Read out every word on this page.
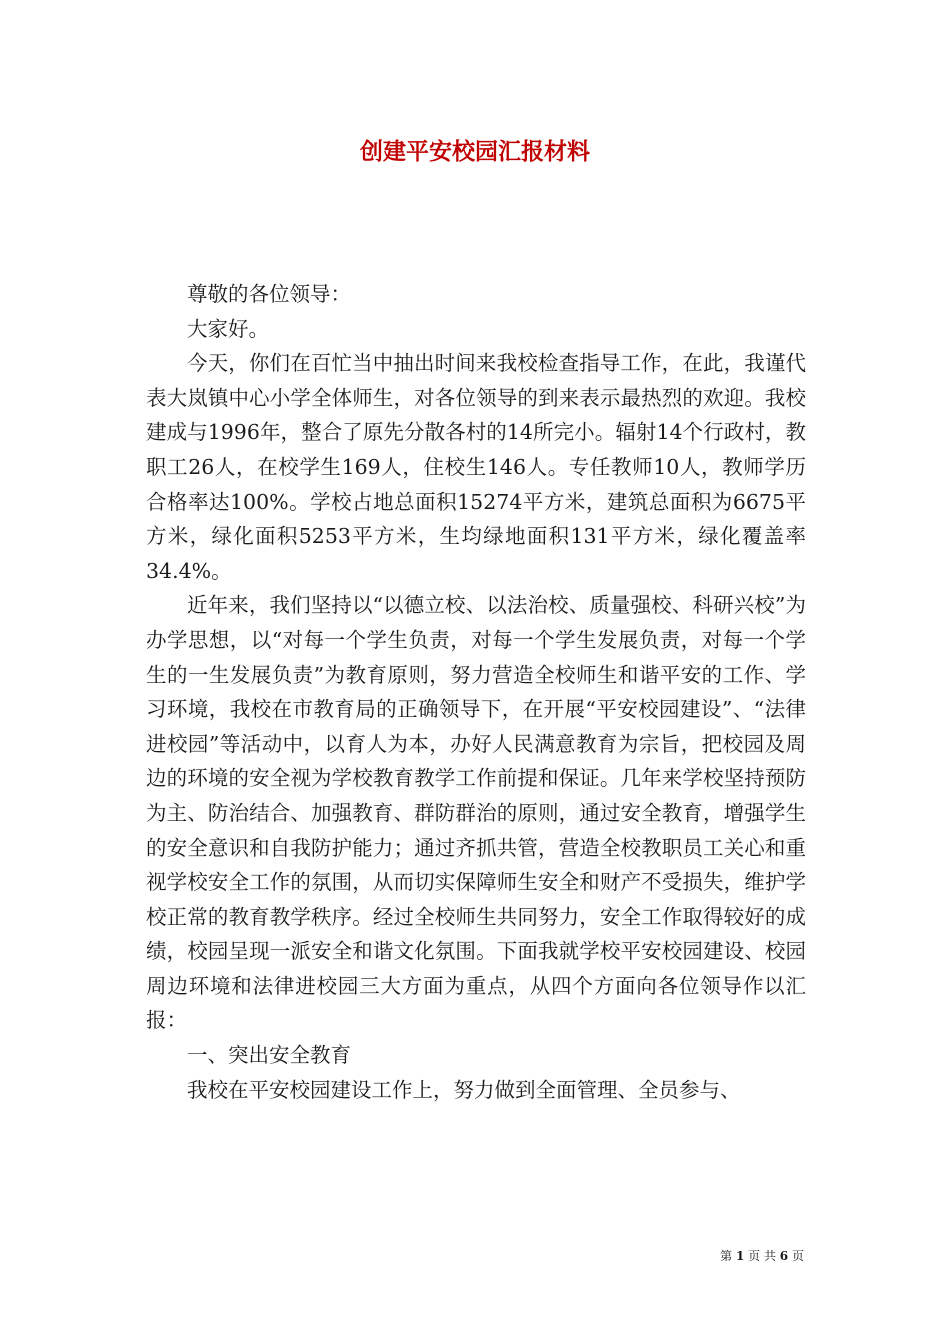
创建平安校园汇报材料

尊敬的各位领导：

大家好。

今天，你们在百忙当中抽出时间来我校检查指导工作，在此，我谨代表大岚镇中心小学全体师生，对各位领导的到来表示最热烈的欢迎。我校建成与1996年，整合了原先分散各村的14所完小。辐射14个行政村，教职工26人，在校学生169人，住校生146人。专任教师10人，教师学历合格率达100%。学校占地总面积15274平方米，建筑总面积为6675平方米，绿化面积5253平方米，生均绿地面积131平方米，绿化覆盖率34.4%。

近年来，我们坚持以“以德立校、以法治校、质量强校、科研兴校”为办学思想，以“对每一个学生负责，对每一个学生发展负责，对每一个学生的一生发展负责”为教育原则，努力营造全校师生和谐平安的工作、学习环境，我校在市教育局的正确领导下，在开展“平安校园建设”、“法律进校园”等活动中，以育人为本，办好人民满意教育为宗旨，把校园及周边的环境的安全视为学校教育教学工作前提和保证。几年来学校坚持预防为主、防治结合、加强教育、群防群治的原则，通过安全教育，增强学生的安全意识和自我防护能力；通过齐抓共管，营造全校教职员工关心和重视学校安全工作的氛围，从而切实保障师生安全和财产不受损失，维护学校正常的教育教学秩序。经过全校师生共同努力，安全工作取得较好的成绩，校园呈现一派安全和谐文化氛围。下面我就学校平安校园建设、校园周边环境和法律进校园三大方面为重点，从四个方面向各位领导作以汇报：

一、突出安全教育

我校在平安校园建设工作上，努力做到全面管理、全员参与、

第 1 页 共 6 页
